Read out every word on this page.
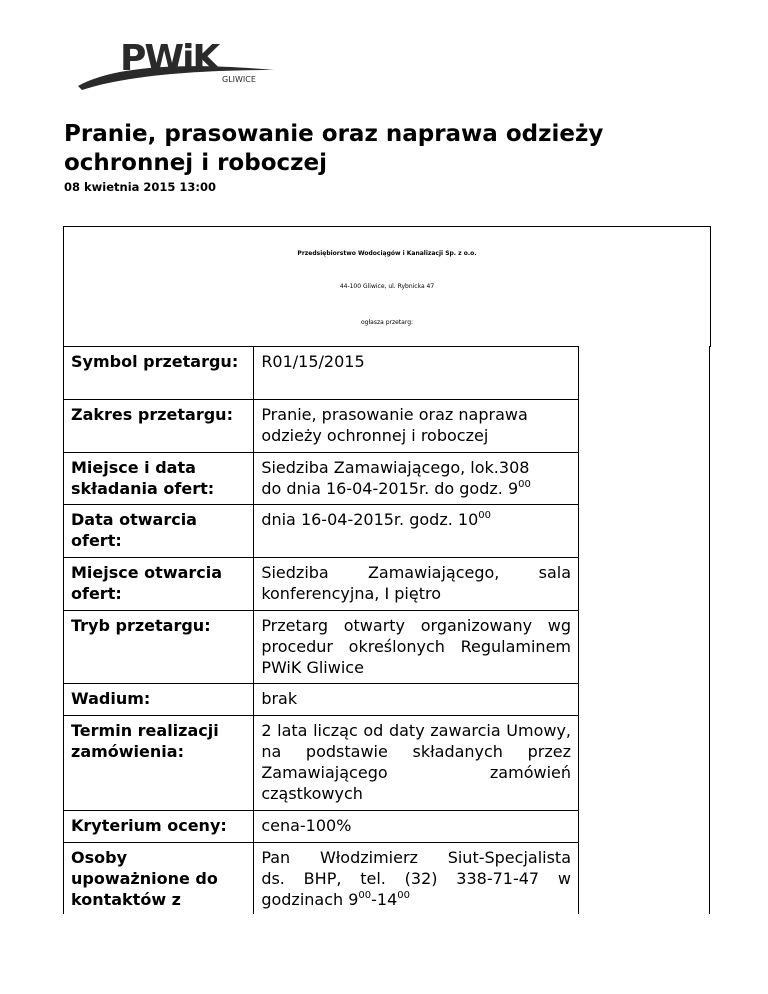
PWiK
GLIWICE
Pranie, prasowanie oraz naprawa odzieży ochronnej i roboczej
08 kwietnia 2015 13:00
Przedsiębiorstwo Wodociągów i Kanalizacji Sp. z o.o.
44-100 Gliwice, ul. Rybnicka 47
ogłasza przetarg:
Symbol przetargu:	R01/15/2015
Zakres przetargu:	Pranie, prasowanie oraz naprawa odzieży ochronnej i roboczej
Miejsce i data składania ofert:	Siedziba Zamawiającego, lok.308
do dnia 16-04-2015r. do godz. $9^{00}$
Data otwarcia ofert:	dnia 16-04-2015r. godz. $10^{00}$
Miejsce otwarcia ofert:	Siedziba Zamawiającego, sala konferencyjna, I piętro
Tryb przetargu:	Przetarg otwarty organizowany wg procedur określonych Regulaminem PWiK Gliwice
Wadium:	brak
Termin realizacji zamówienia:	2 lata licząc od daty zawarcia Umowy, na podstawie składanych przez Zamawiającego zamówień cząstkowych
Kryterium oceny:	cena-100%
Osoby upoważnione do kontaktów z	Pan Włodzimierz Siut-Specjalista
ds. BHP, tel. (32) 338-71-47 w
godzinach $9^{00}-14^{00}$
